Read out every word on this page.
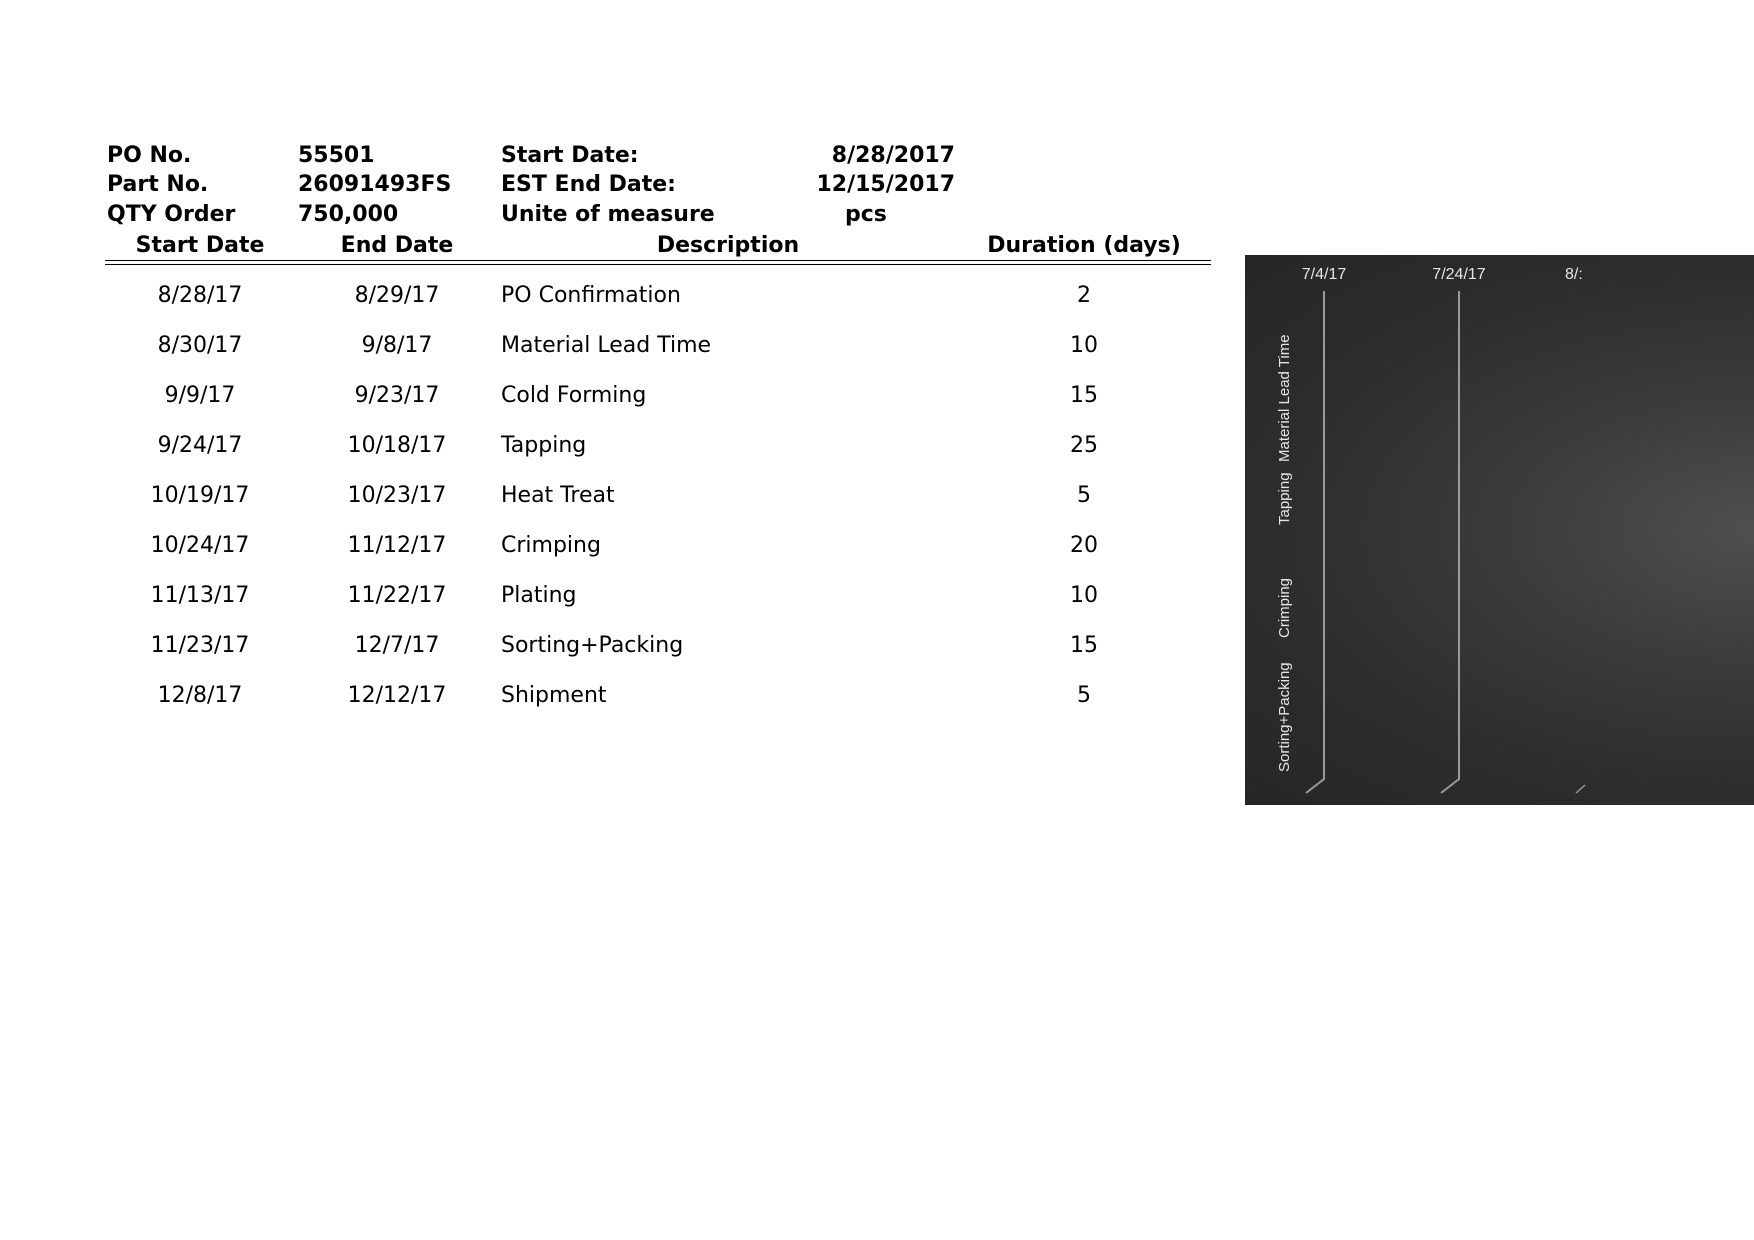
PO No.	55501	Start Date:	8/28/2017
Part No.	26091493FS EST End Date:	12/15/2017
QTY Order	750,000	Unite of measure	pcs
Start Date	End Date	Description	Duration (days)
8/28/17	8/29/17	PO Confirmation	2
8/30/17	9/8/17	Material Lead Time	10
9/9/17	9/23/17	Cold Forming	15
9/24/17	10/18/17	Tapping	25
10/19/17	10/23/17	Heat Treat	5
10/24/17	11/12/17	Crimping	20
11/13/17	11/22/17	Plating	10
11/23/17	12/7/17	Sorting+Packing	15
12/8/17	12/12/17	Shipment	5
7/4/17	7/24/17	8/:
Tapping
Material Lead Time
Crimping
Sorting+Packing
